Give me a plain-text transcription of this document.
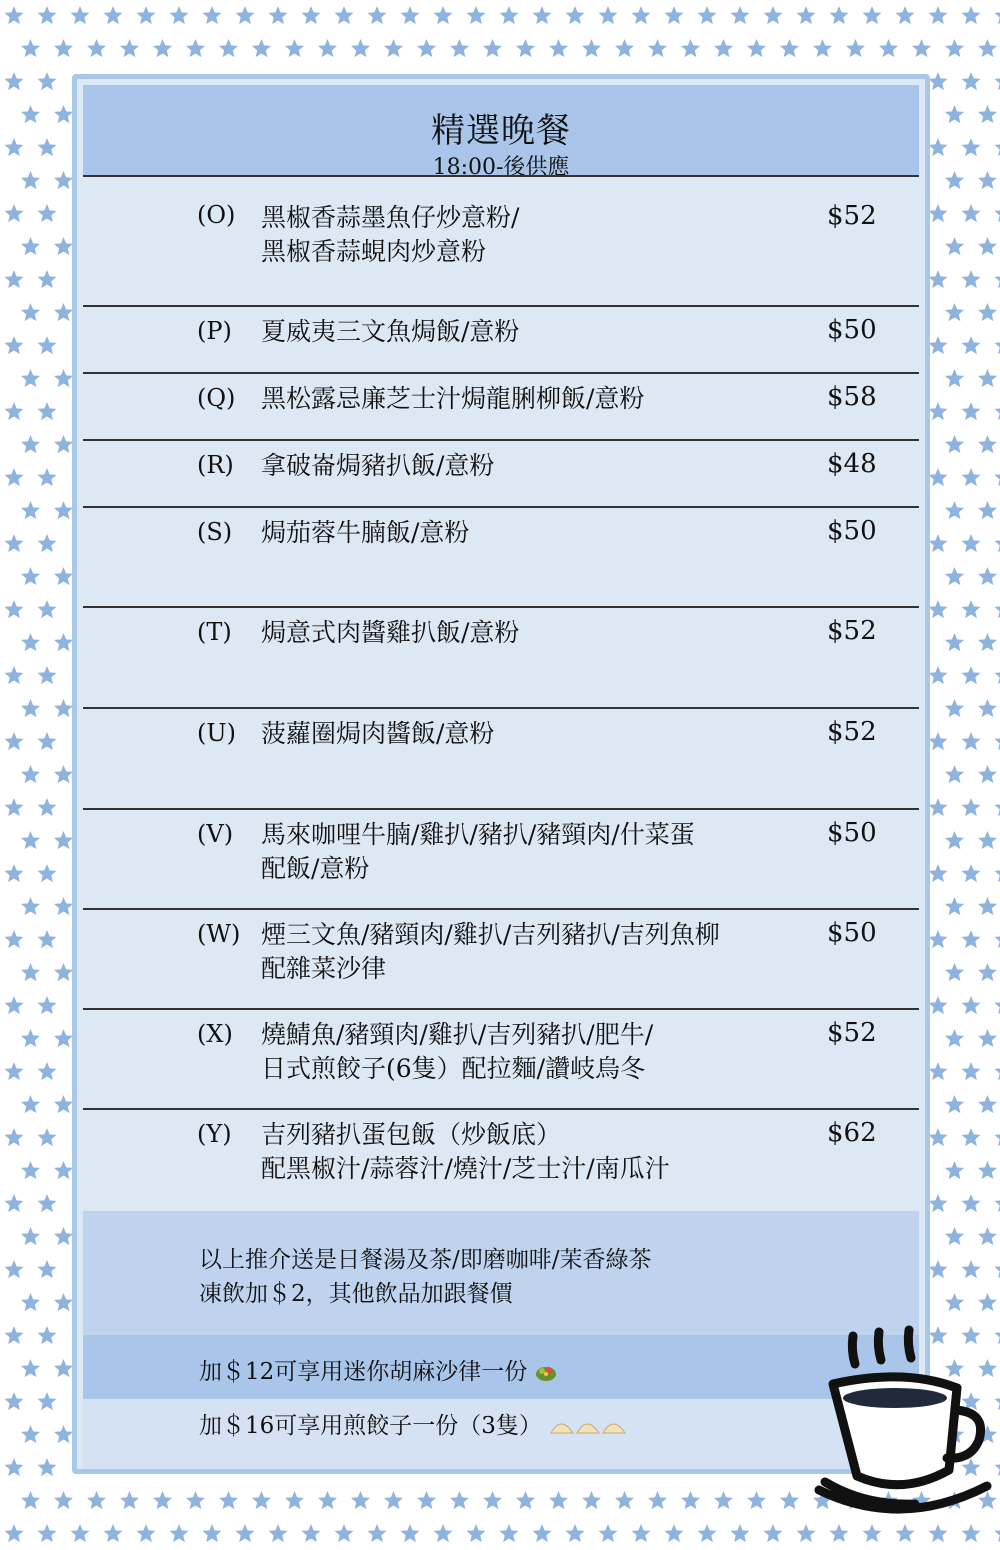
精選晚餐
18:00-後供應
(O) 黑椒香蒜墨魚仔炒意粉/
黑椒香蒜蜆肉炒意粉
$52
(P) 夏威夷三文魚焗飯/意粉	$50
(Q) 黑松露忌廉芝士汁焗龍脷柳飯/意粉	$58
(R) 拿破崙焗豬扒飯/意粉	$48
(S) 焗茄蓉牛腩飯/意粉	$50
(T) 焗意式肉醬雞扒飯/意粉	$52
(U) 菠蘿圈焗肉醬飯/意粉	$52
(V) 馬來咖哩牛腩/雞扒/豬扒/豬頸肉/什菜蛋
配飯/意粉
$50
(W) 煙三文魚/豬頸肉/雞扒/吉列豬扒/吉列魚柳
配雜菜沙律
$50
(X) 燒鯖魚/豬頸肉/雞扒/吉列豬扒/肥牛/
日式煎餃子(6隻）配拉麵/讚岐烏冬
$52
(Y) 吉列豬扒蛋包飯（炒飯底）
配黑椒汁/蒜蓉汁/燒汁/芝士汁/南瓜汁
$62
以上推介送是日餐湯及茶/即磨咖啡/茉香綠茶
凍飲加＄2，其他飲品加跟餐價
加＄12可享用迷你胡麻沙律一份
加＄16可享用煎餃子一份（3隻）
